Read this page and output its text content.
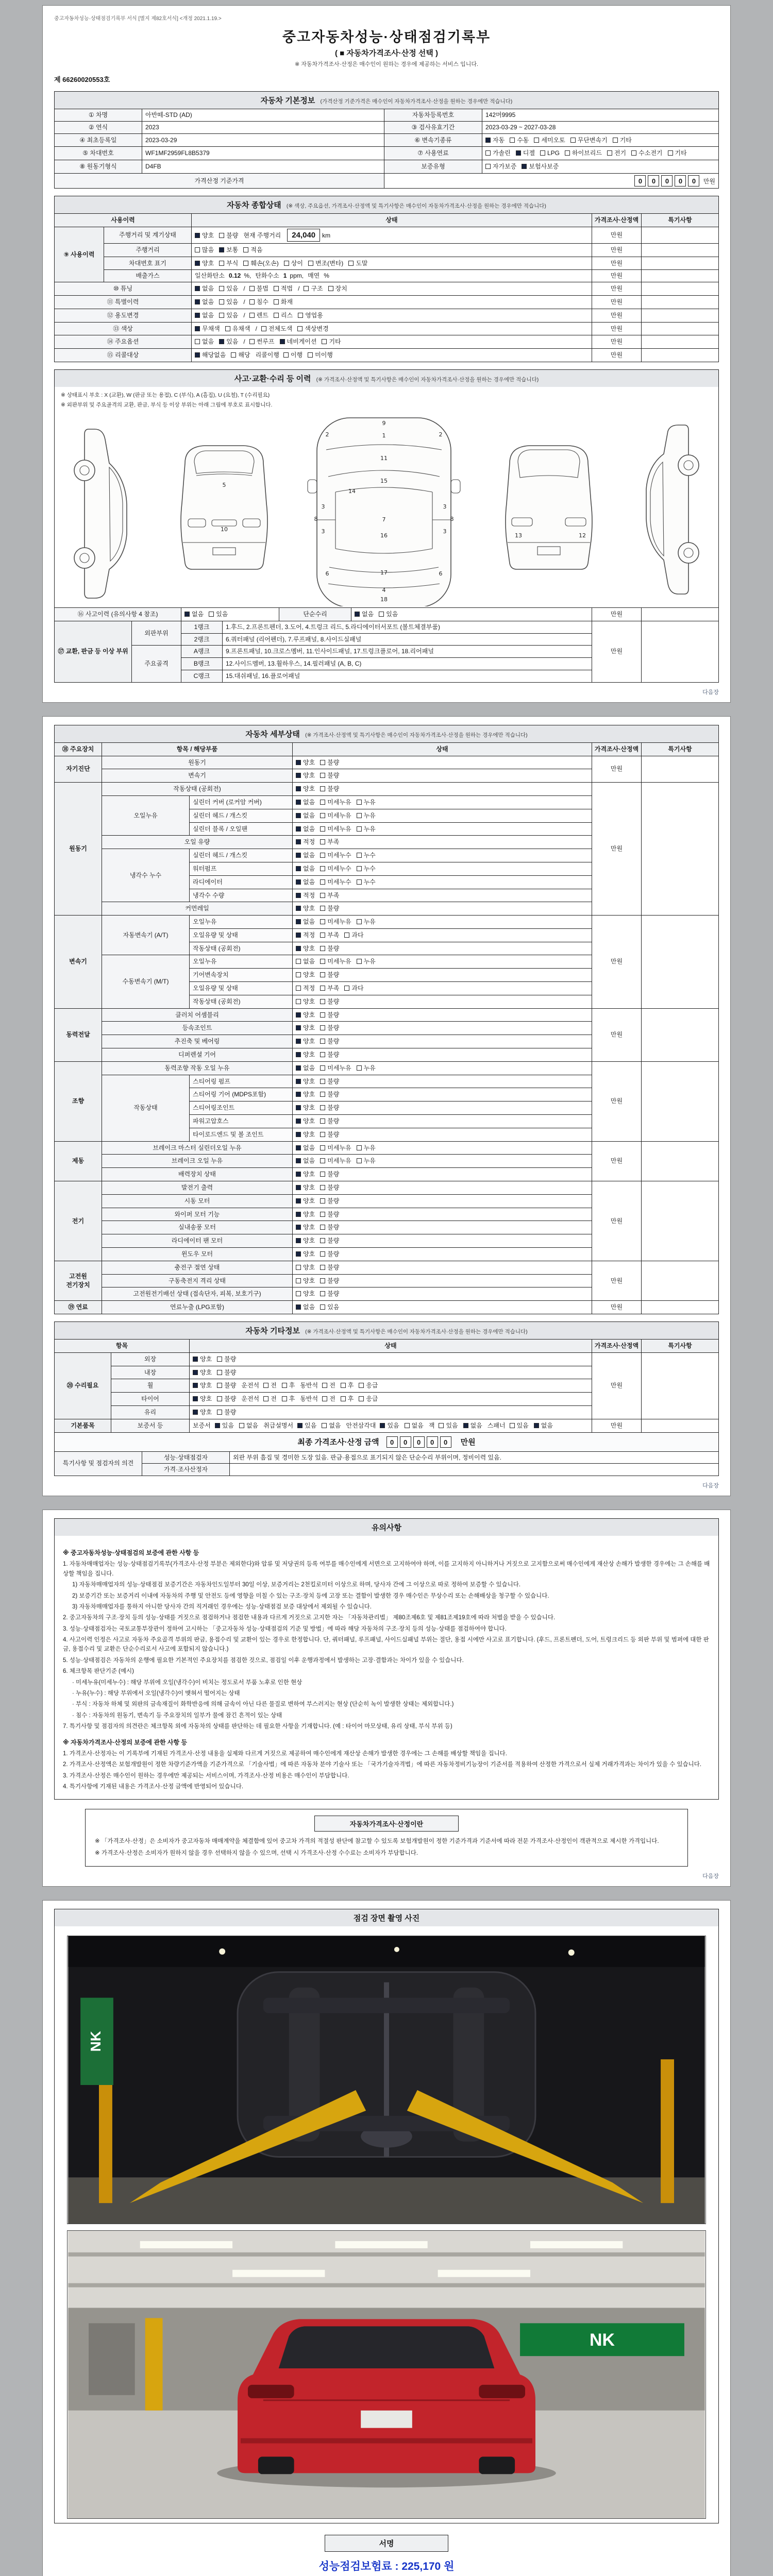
중고자동차성능·상태점검기록부 서식 [별지 제82호서식] <개정 2021.1.19.>
중고자동차성능·상태점검기록부
( ■ 자동차가격조사·산정 선택 )
※ 자동차가격조사·산정은 매수인이 원하는 경우에 제공하는 서비스 입니다.
제 66260020553호
자동차 기본정보 (가격산정 기준가격은 매수인이 자동차가격조사·산정을 원하는 경우에만 적습니다)
① 차명	아반떼-STD (AD)	자동차등록번호	142머9995
② 연식	2023	③ 검사유효기간	2023-03-29 ~ 2027-03-28
④ 최초등록일	2023-03-29	⑥ 변속기종류	자동 수동 세미오토 무단변속기 기타
⑤ 차대번호	WF1MF2959FL8B5379	⑦ 사용연료	가솔린 디젤 LPG 하이브리드 전기 수소전기 기타
⑧ 원동기형식	D4FB	보증유형	자가보증 보험사보증
가격산정 기준가격		0 0 0 0 0 만원	
자동차 종합상태 (※ 색상, 주요옵션, 가격조사·산정액 및 특기사항은 매수인이 자동차가격조사·산정을 원하는 경우에만 적습니다)
사용이력		상태	가격조사·산정액	특기사항
⑨ 사용이력	주행거리 및 계기상태	양호 불량 현재 주행거리 24,040 km	만원	
	주행거리	많음 보통 적음	만원	
	차대번호 표기	양호 부식 훼손(오손) 상이 변조(변타) 도말	만원	
	배출가스	일산화탄소 0.12 %, 탄화수소 1 ppm, 매연 %	만원	
⑩ 튜닝		없음 있음 / 불법 적법 / 구조 장치	만원	
⑪ 특별이력		없음 있음 / 침수 화재	만원	
⑫ 용도변경		없음 있음 / 렌트 리스 영업용	만원	
⑬ 색상		무채색 유채색 / 전체도색 색상변경	만원	
⑭ 주요옵션		없음 있음 / 썬루프 네비게이션 기타	만원	
⑮ 리콜대상		해당없음 해당 리콜이행 이행 미이행	만원	
사고·교환·수리 등 이력 (※ 가격조사·산정액 및 특기사항은 매수인이 자동차가격조사·산정을 원하는 경우에만 적습니다)
※ 상태표시 부호 : X (교환), W (판금 또는 용접), C (부식), A (흠집), U (요철), T (수리필요)
※ 외판부위 및 주요골격의 교환, 판금, 부식 등 이상 부위는 아래 그림에 부호로 표시합니다.
1
2	2
3
3
3
3
4
6	6
7
8	8
9
11
15
16
17
18
5
10
12
13
14
⑯ 사고이력 (유의사항 4 참조)	없음 있음	단순수리	없음 있음	만원	
⑰ 교환, 판금 등 이상 부위	외판부위	1랭크	1.후드, 2.프론트펜더, 3.도어, 4.트렁크 리드, 5.라디에이터서포트 (볼트체결부품)	만원	
		2랭크	6.쿼터패널 (리어펜더), 7.루프패널, 8.사이드실패널		
	주요골격	A랭크	9.프론트패널, 10.크로스멤버, 11.인사이드패널, 17.트렁크플로어, 18.리어패널		
		B랭크	12.사이드멤버, 13.휠하우스, 14.필러패널 (A, B, C)		
		C랭크	15.대쉬패널, 16.플로어패널		
다음장
자동차 세부상태 (※ 가격조사·산정액 및 특기사항은 매수인이 자동차가격조사·산정을 원하는 경우에만 적습니다)
⑱ 주요장치	항목 / 해당부품		상태	가격조사·산정액	특기사항
자기진단	원동기		양호 불량	만원	
	변속기		양호 불량		
원동기	작동상태 (공회전)		양호 불량	만원	
	오일누유	실린더 커버 (로커암 커버)	없음 미세누유 누유		
		실린더 헤드 / 개스킷	없음 미세누유 누유		
		실린더 블록 / 오일팬	없음 미세누유 누유		
	오일 유량		적정 부족		
	냉각수 누수	실린더 헤드 / 개스킷	없음 미세누수 누수		
		워터펌프	없음 미세누수 누수		
		라디에이터	없음 미세누수 누수		
		냉각수 수량	적정 부족		
	커먼레일		양호 불량		
변속기	자동변속기 (A/T)	오일누유	없음 미세누유 누유	만원	
		오일유량 및 상태	적정 부족 과다		
		작동상태 (공회전)	양호 불량		
	수동변속기 (M/T)	오일누유	없음 미세누유 누유		
		기어변속장치	양호 불량		
		오일유량 및 상태	적정 부족 과다		
		작동상태 (공회전)	양호 불량		
동력전달	클러치 어셈블리		양호 불량	만원	
	등속조인트		양호 불량		
	추진축 및 베어링		양호 불량		
	디퍼렌셜 기어		양호 불량		
조향	동력조향 작동 오일 누유		없음 미세누유 누유	만원	
	작동상태	스티어링 펌프	양호 불량		
		스티어링 기어 (MDPS포함)	양호 불량		
		스티어링조인트	양호 불량		
		파워고압호스	양호 불량		
		타이로드엔드 및 볼 조인트	양호 불량		
제동	브레이크 마스터 실린더오일 누유		없음 미세누유 누유	만원	
	브레이크 오일 누유		없음 미세누유 누유		
	배력장치 상태		양호 불량		
전기	발전기 출력		양호 불량	만원	
	시동 모터		양호 불량		
	와이퍼 모터 기능		양호 불량		
	실내송풍 모터		양호 불량		
	라디에이터 팬 모터		양호 불량		
	윈도우 모터		양호 불량		
고전원 전기장치	충전구 절연 상태		양호 불량	만원	
	구동축전지 격리 상태		양호 불량		
	고전원전기배선 상태 (접속단자, 피복, 보호기구)		양호 불량		
⑲ 연료	연료누출 (LPG포함)		없음 있음	만원	
자동차 기타정보 (※ 가격조사·산정액 및 특기사항은 매수인이 자동차가격조사·산정을 원하는 경우에만 적습니다)
항목		상태	가격조사·산정액	특기사항
⑳ 수리필요	외장	양호 불량	만원	
	내장	양호 불량		
	휠	양호 불량 운전석 전 후 동반석 전 후 응급		
	타이어	양호 불량 운전석 전 후 동반석 전 후 응급		
	유리	양호 불량		
기본품목	보증서 등	보증서 있음 없음 취급설명서 있음 없음 안전삼각대 있음 없음 잭 있음 없음 스패너 있음 없음	만원	
최종 가격조사·산정 금액	0 0 0 0 0	만원
특기사항 및 점검자의 의견	성능·상태점검자	외판 부위 흠집 및 경미한 도장 있음. 판금·용접으로 표기되지 않은 단순수리 부위이며, 정비이력 있음.
	가격·조사산정자	
다음장
유의사항

※ 중고자동차성능·상태점검의 보증에 관한 사항 등

1. 자동차매매업자는 성능·상태점검기록부(가격조사·산정 부분은 제외한다)와 압류 및 저당권의 등록 여부를 매수인에게 서면으로 고지하여야 하며, 이를 고지하지 아니하거나 거짓으로 고지함으로써 매수인에게 재산상 손해가 발생한 경우에는 그 손해를 배상할 책임을 집니다.

1) 자동차매매업자의 성능·상태점검 보증기간은 자동차인도일부터 30일 이상, 보증거리는 2천킬로미터 이상으로 하며, 당사자 간에 그 이상으로 따로 정하여 보증할 수 있습니다.

2) 보증기간 또는 보증거리 이내에 자동차의 주행 및 안전도 등에 영향을 미칠 수 있는 구조·장치 등에 고장 또는 결함이 발생한 경우 매수인은 무상수리 또는 손해배상을 청구할 수 있습니다.

3) 자동차매매업자를 통하지 아니한 당사자 간의 직거래인 경우에는 성능·상태점검 보증 대상에서 제외될 수 있습니다.

2. 중고자동차의 구조·장치 등의 성능·상태를 거짓으로 점검하거나 점검한 내용과 다르게 거짓으로 고지한 자는 「자동차관리법」 제80조제6호 및 제81조제19호에 따라 처벌을 받을 수 있습니다.

3. 성능·상태점검자는 국토교통부장관이 정하여 고시하는 「중고자동차 성능·상태점검의 기준 및 방법」에 따라 해당 자동차의 구조·장치 등의 성능·상태를 점검하여야 합니다.

4. 사고이력 인정은 사고로 자동차 주요골격 부위의 판금, 용접수리 및 교환이 있는 경우로 한정합니다. 단, 쿼터패널, 루프패널, 사이드실패널 부위는 절단, 용접 시에만 사고로 표기합니다. (후드, 프론트펜더, 도어, 트렁크리드 등 외판 부위 및 범퍼에 대한 판금, 용접수리 및 교환은 단순수리로서 사고에 포함되지 않습니다.)

5. 성능·상태점검은 자동차의 운행에 필요한 기본적인 주요장치를 점검한 것으로, 점검일 이후 운행과정에서 발생하는 고장·결함과는 차이가 있을 수 있습니다.

6. 체크항목 판단기준 (예시)

· 미세누유(미세누수) : 해당 부위에 오일(냉각수)이 비치는 정도로서 부품 노후로 인한 현상

· 누유(누수) : 해당 부위에서 오일(냉각수)이 맺혀서 떨어지는 상태

· 부식 : 자동차 하체 및 외판의 금속재질이 화학반응에 의해 금속이 아닌 다른 물질로 변하여 부스러지는 현상 (단순히 녹이 발생한 상태는 제외합니다.)

· 침수 : 자동차의 원동기, 변속기 등 주요장치의 일부가 물에 잠긴 흔적이 있는 상태

7. 특기사항 및 점검자의 의견란은 체크항목 외에 자동차의 상태를 판단하는 데 필요한 사항을 기재합니다. (예 : 타이어 마모상태, 유리 상태, 부식 부위 등)

※ 자동차가격조사·산정의 보증에 관한 사항 등

1. 가격조사·산정자는 이 기록부에 기재된 가격조사·산정 내용을 실제와 다르게 거짓으로 제공하여 매수인에게 재산상 손해가 발생한 경우에는 그 손해를 배상할 책임을 집니다.

2. 가격조사·산정액은 보험개발원이 정한 차량기준가액을 기준가격으로 「기술사법」에 따른 자동차 분야 기술사 또는 「국가기술자격법」에 따른 자동차정비기능장이 기준서를 적용하여 산정한 가격으로서 실제 거래가격과는 차이가 있을 수 있습니다.

3. 가격조사·산정은 매수인이 원하는 경우에만 제공되는 서비스이며, 가격조사·산정 비용은 매수인이 부담합니다.

4. 특기사항에 기재된 내용은 가격조사·산정 금액에 반영되어 있습니다.

자동차가격조사·산정이란

※ 「가격조사·산정」은 소비자가 중고자동차 매매계약을 체결함에 있어 중고차 가격의 적절성 판단에 참고할 수 있도록 보험개발원이 정한 기준가격과 기준서에 따라 전문 가격조사·산정인이 객관적으로 제시한 가격입니다.

※ 가격조사·산정은 소비자가 원하지 않을 경우 선택하지 않을 수 있으며, 선택 시 가격조사·산정 수수료는 소비자가 부담합니다.

다음장
점검 장면 촬영 사진
NK
NK
서명
성능점검보험료 : 225,170 원
